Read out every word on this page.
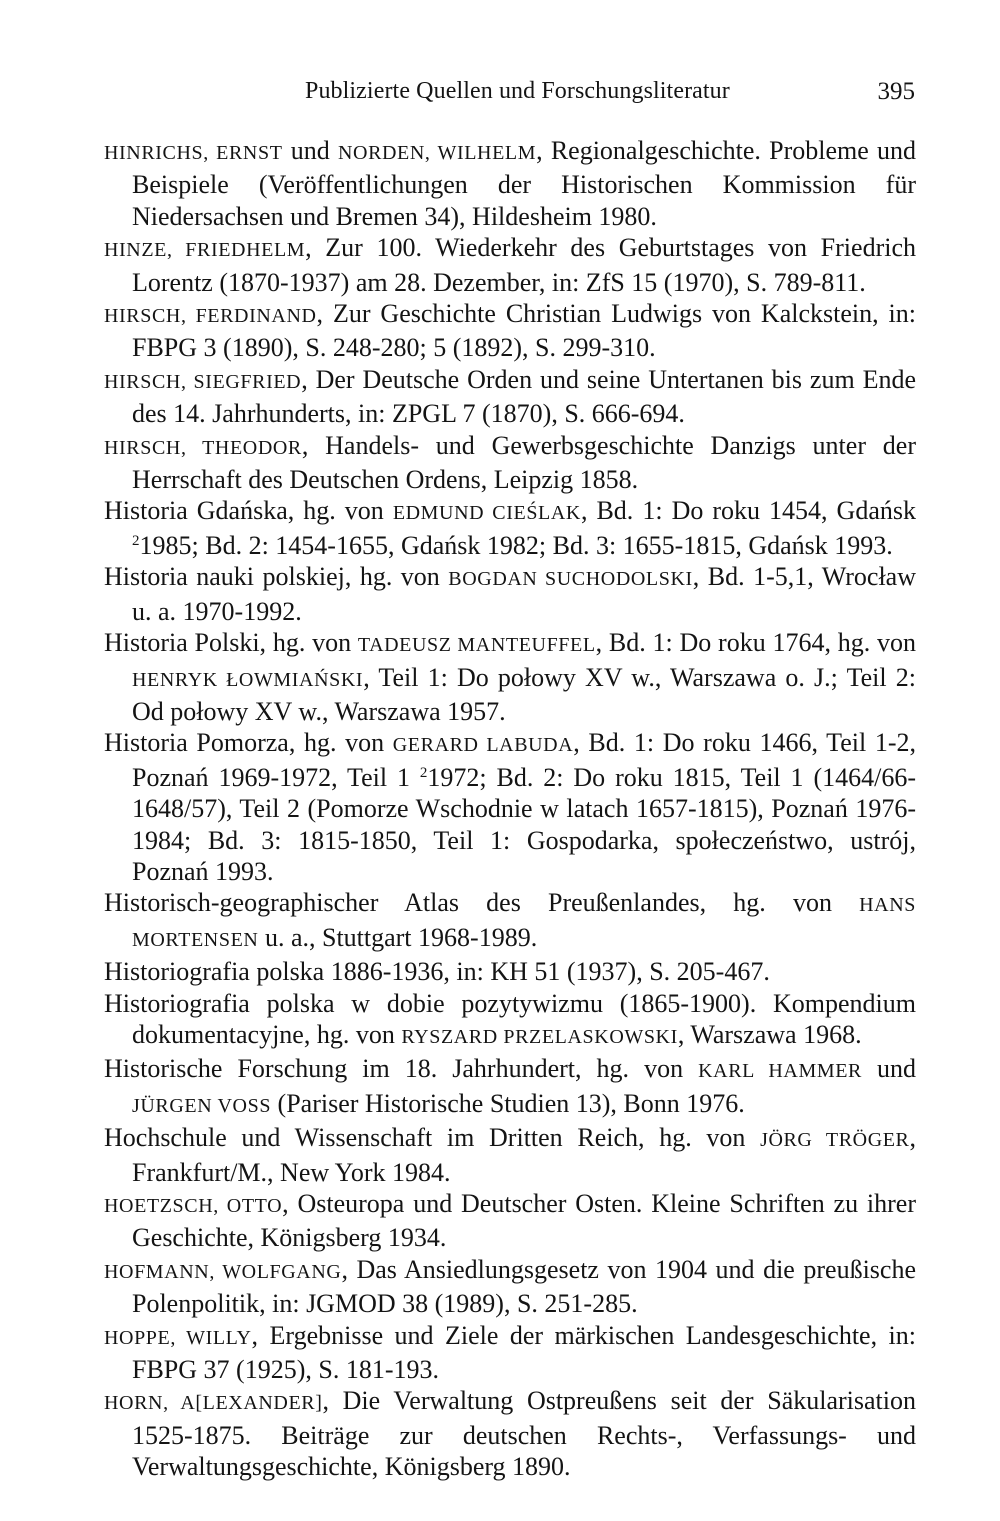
Publizierte Quellen und Forschungsliteratur	395

HINRICHS, ERNST und NORDEN, WILHELM, Regionalgeschichte. Probleme und Beispiele (Veröffentlichungen der Historischen Kommission für Niedersachsen und Bremen 34), Hildesheim 1980.

HINZE, FRIEDHELM, Zur 100. Wiederkehr des Geburtstages von Friedrich Lorentz (1870-1937) am 28. Dezember, in: ZfS 15 (1970), S. 789-811.

HIRSCH, FERDINAND, Zur Geschichte Christian Ludwigs von Kalckstein, in: FBPG 3 (1890), S. 248-280; 5 (1892), S. 299-310.

HIRSCH, SIEGFRIED, Der Deutsche Orden und seine Untertanen bis zum Ende des 14. Jahrhunderts, in: ZPGL 7 (1870), S. 666-694.

HIRSCH, THEODOR, Handels- und Gewerbsgeschichte Danzigs unter der Herrschaft des Deutschen Ordens, Leipzig 1858.

Historia Gdańska, hg. von EDMUND CIEŚLAK, Bd. 1: Do roku 1454, Gdańsk $^2$1985; Bd. 2: 1454-1655, Gdańsk 1982; Bd. 3: 1655-1815, Gdańsk 1993.

Historia nauki polskiej, hg. von BOGDAN SUCHODOLSKI, Bd. 1-5,1, Wrocław u. a. 1970-1992.

Historia Polski, hg. von TADEUSZ MANTEUFFEL, Bd. 1: Do roku 1764, hg. von HENRYK ŁOWMIAŃSKI, Teil 1: Do połowy XV w., Warszawa o. J.; Teil 2: Od połowy XV w., Warszawa 1957.

Historia Pomorza, hg. von GERARD LABUDA, Bd. 1: Do roku 1466, Teil 1-2, Poznań 1969-1972, Teil 1 $^2$1972; Bd. 2: Do roku 1815, Teil 1 (1464/66-1648/57), Teil 2 (Pomorze Wschodnie w latach 1657-1815), Poznań 1976-1984; Bd. 3: 1815-1850, Teil 1: Gospodarka, społeczeństwo, ustrój, Poznań 1993.

Historisch-geographischer Atlas des Preußenlandes, hg. von HANS MORTENSEN u. a., Stuttgart 1968-1989.

Historiografia polska 1886-1936, in: KH 51 (1937), S. 205-467.

Historiografia polska w dobie pozytywizmu (1865-1900). Kompendium dokumentacyjne, hg. von RYSZARD PRZELASKOWSKI, Warszawa 1968.

Historische Forschung im 18. Jahrhundert, hg. von KARL HAMMER und JÜRGEN VOSS (Pariser Historische Studien 13), Bonn 1976.

Hochschule und Wissenschaft im Dritten Reich, hg. von JÖRG TRÖGER, Frankfurt/M., New York 1984.

HOETZSCH, OTTO, Osteuropa und Deutscher Osten. Kleine Schriften zu ihrer Geschichte, Königsberg 1934.

HOFMANN, WOLFGANG, Das Ansiedlungsgesetz von 1904 und die preußische Polenpolitik, in: JGMOD 38 (1989), S. 251-285.

HOPPE, WILLY, Ergebnisse und Ziele der märkischen Landesgeschichte, in: FBPG 37 (1925), S. 181-193.

HORN, A[LEXANDER], Die Verwaltung Ostpreußens seit der Säkularisation 1525-1875. Beiträge zur deutschen Rechts-, Verfassungs- und Verwaltungsgeschichte, Königsberg 1890.
